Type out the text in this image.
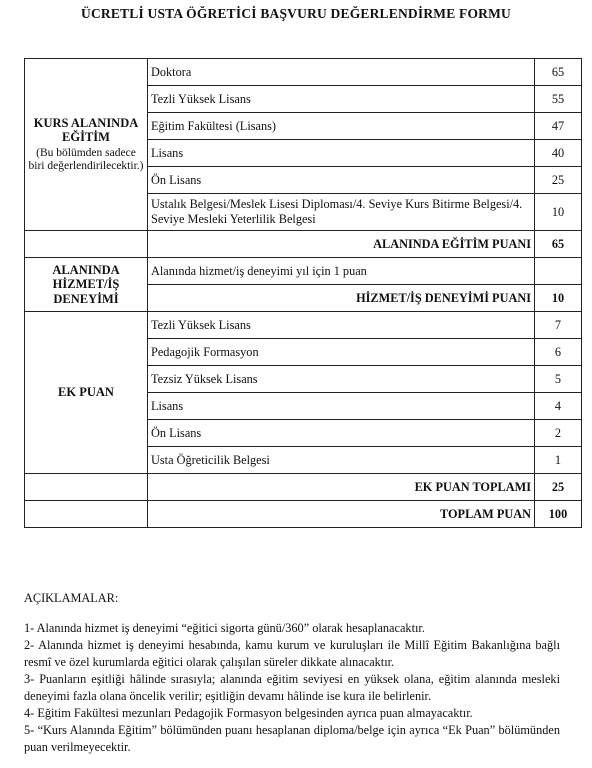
ÜCRETLİ USTA ÖĞRETİCİ BAŞVURU DEĞERLENDİRME FORMU
KURS ALANINDA EĞİTİM
(Bu bölümden sadece biri değerlendirilecektir.)	Doktora	65
	Tezli Yüksek Lisans	55
	Eğitim Fakültesi (Lisans)	47
	Lisans	40
	Ön Lisans	25
	Ustalık Belgesi/Meslek Lisesi Diploması/4. Seviye Kurs Bitirme Belgesi/4. Seviye Mesleki Yeterlilik Belgesi	10
	ALANINDA EĞİTİM PUANI	65
ALANINDA HİZMET/İŞ DENEYİMİ	Alanında hizmet/iş deneyimi yıl için 1 puan	
	HİZMET/İŞ DENEYİMİ PUANI	10
EK PUAN	Tezli Yüksek Lisans	7
	Pedagojik Formasyon	6
	Tezsiz Yüksek Lisans	5
	Lisans	4
	Ön Lisans	2
	Usta Öğreticilik Belgesi	1
	EK PUAN TOPLAMI	25
	TOPLAM PUAN	100
AÇIKLAMALAR:

1- Alanında hizmet iş deneyimi “eğitici sigorta günü/360” olarak hesaplanacaktır.

2- Alanında hizmet iş deneyimi hesabında, kamu kurum ve kuruluşları ile Millî Eğitim Bakanlığına bağlı resmî ve özel kurumlarda eğitici olarak çalışılan süreler dikkate alınacaktır.

3- Puanların eşitliği hâlinde sırasıyla; alanında eğitim seviyesi en yüksek olana, eğitim alanında mesleki deneyimi fazla olana öncelik verilir; eşitliğin devamı hâlinde ise kura ile belirlenir.

4- Eğitim Fakültesi mezunları Pedagojik Formasyon belgesinden ayrıca puan almayacaktır.

5- “Kurs Alanında Eğitim” bölümünden puanı hesaplanan diploma/belge için ayrıca “Ek Puan” bölümünden puan verilmeyecektir.
